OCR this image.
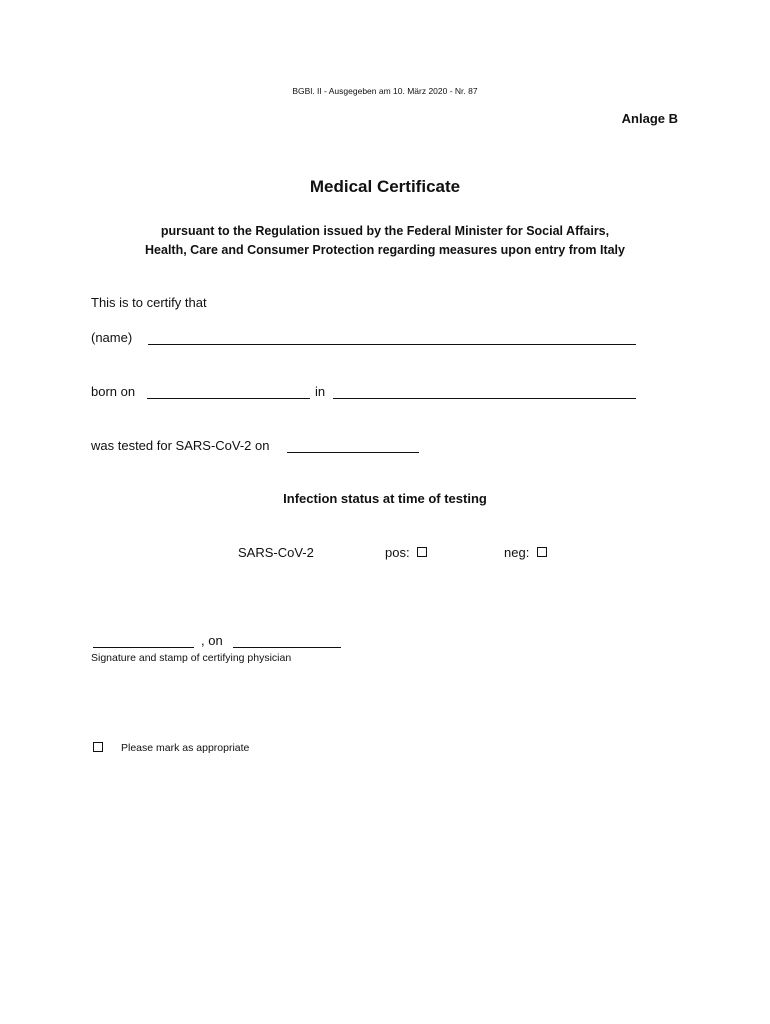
BGBl. II - Ausgegeben am 10. März 2020 - Nr. 87
Anlage B
Medical Certificate
pursuant to the Regulation issued by the Federal Minister for Social Affairs,
Health, Care and Consumer Protection regarding measures upon entry from Italy
This is to certify that
(name)
born on	in
was tested for SARS-CoV-2 on
Infection status at time of testing
SARS-CoV-2	pos:	neg:
, on
Signature and stamp of certifying physician
Please mark as appropriate
